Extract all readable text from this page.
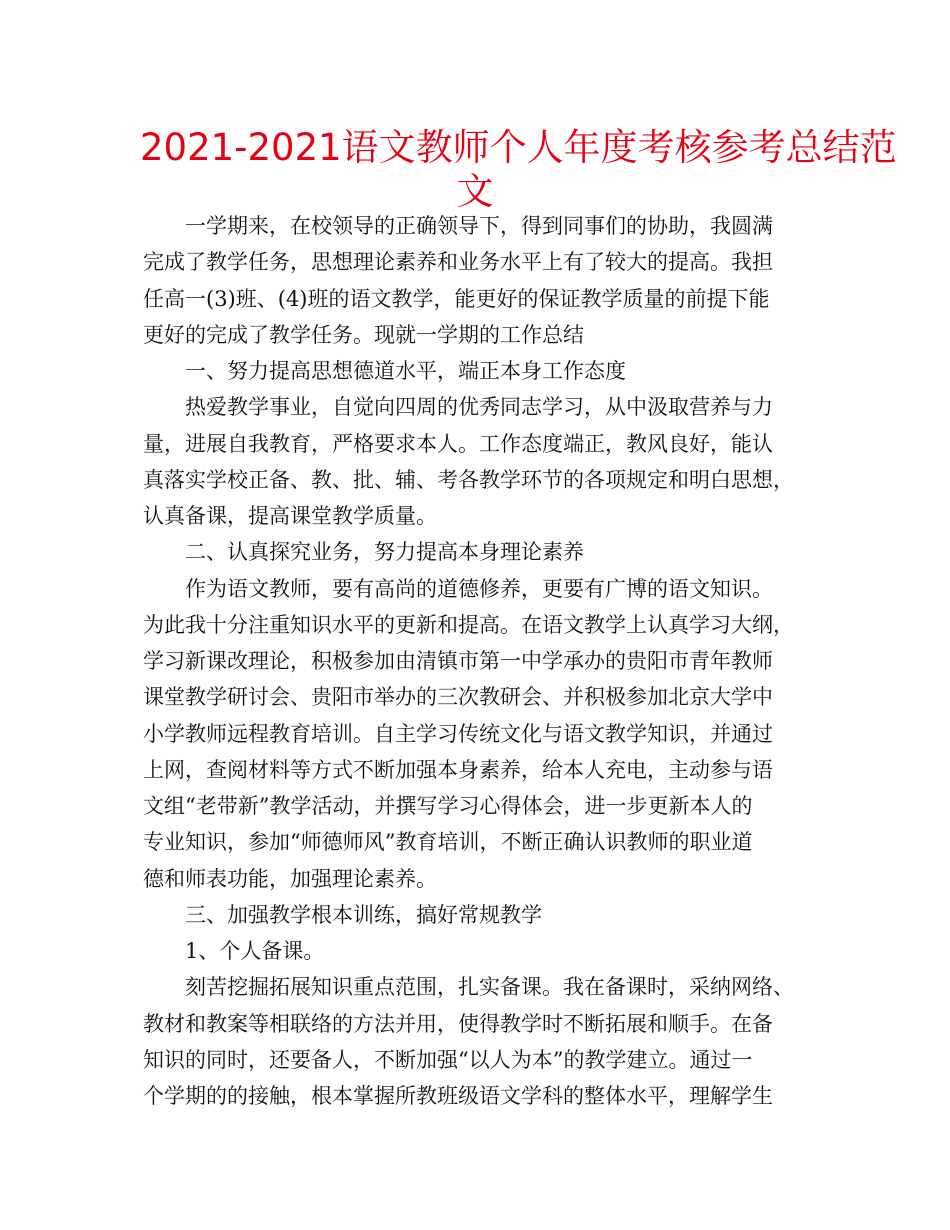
2021-2021语文教师个人年度考核参考总结范
文
一学期来，在校领导的正确领导下，得到同事们的协助，我圆满
完成了教学任务，思想理论素养和业务水平上有了较大的提高。我担
任高一(3)班、(4)班的语文教学，能更好的保证教学质量的前提下能
更好的完成了教学任务。现就一学期的工作总结
一、努力提高思想德道水平，端正本身工作态度
热爱教学事业，自觉向四周的优秀同志学习，从中汲取营养与力
量，进展自我教育，严格要求本人。工作态度端正，教风良好，能认
真落实学校正备、教、批、辅、考各教学环节的各项规定和明白思想，
认真备课，提高课堂教学质量。
二、认真探究业务，努力提高本身理论素养
作为语文教师，要有高尚的道德修养，更要有广博的语文知识。
为此我十分注重知识水平的更新和提高。在语文教学上认真学习大纲，
学习新课改理论，积极参加由清镇市第一中学承办的贵阳市青年教师
课堂教学研讨会、贵阳市举办的三次教研会、并积极参加北京大学中
小学教师远程教育培训。自主学习传统文化与语文教学知识，并通过
上网，查阅材料等方式不断加强本身素养，给本人充电，主动参与语
文组“老带新”教学活动，并撰写学习心得体会，进一步更新本人的
专业知识，参加“师德师风”教育培训，不断正确认识教师的职业道
德和师表功能，加强理论素养。
三、加强教学根本训练，搞好常规教学
1、个人备课。
刻苦挖掘拓展知识重点范围，扎实备课。我在备课时，采纳网络、
教材和教案等相联络的方法并用，使得教学时不断拓展和顺手。在备
知识的同时，还要备人，不断加强“以人为本”的教学建立。通过一
个学期的的接触，根本掌握所教班级语文学科的整体水平，理解学生
